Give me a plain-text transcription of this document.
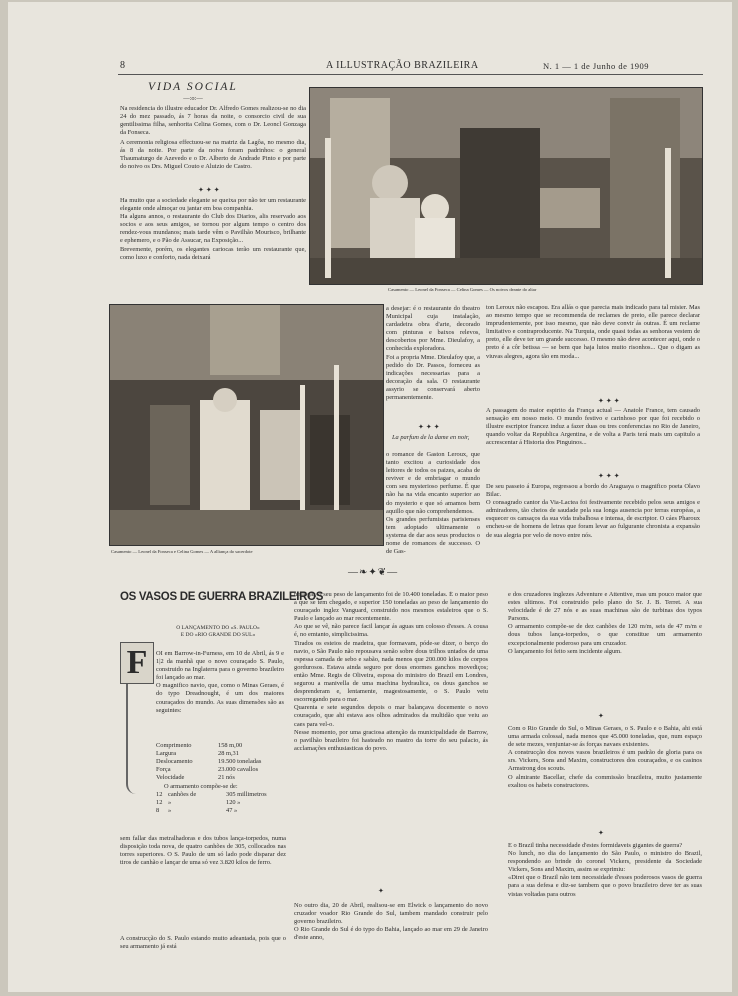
8	A ILLUSTRAÇÃO BRAZILEIRA	N. 1 — 1 de Junho de 1909
VIDA SOCIAL
—:o:—
Na residencia do illustre educador Dr. Alfredo Gomes realizou-se no dia 24 do mez passado, ás 7 horas da noite, o consorcio civil de sua gentilissima filha, senhorita Celina Gomes, com o Dr. Leoncl Gonzaga da Fonseca.
A ceremonia religiosa effectuou-se na matriz da Lagôa, no mesmo dia, ás 8 da noite. Por parte da noiva foram padrinhos: o general Thaumaturgo de Azevedo e o Dr. Alberto de Andrade Pinto e por parte do noivo os Drs. Miguel Couto e Aluizio de Castro.
✦✦✦
Ha muito que a sociedade elegante se queixa por não ter um restaurante elegante onde almoçar ou jantar em boa companhia.
Ha alguns annos, o restaurante do Club dos Diarios, alis reservado aos socios e aos seus amigos, se tornou por algum tempo o centro dos rendez-vous mundanos; mais tarde vêm o Pavilhão Mourisco, brilhante e ephemero, e o Pão de Assucar, na Exposição...
Brevemente, porém, os elegantes cariocas terão um restaurante que, como luxo e conforto, nada deixará
Casamento — Leonel da Fonseca — Celina Gomes — Os noivos deante do altar
Casamento — Leonel da Fonseca e Celina Gomes — A alliança do sacerdote
a desejar: é o restaurante do theatro Municipal cuja instalação, cardadeira obra d'arte, decorado com pinturas e baixos relevos, descobertos por Mme. Dieulafoy, a conhecida exploradora.
Foi a propria Mme. Dieulafoy que, a pedido do Dr. Passos, forneceu as indicações necessarias para a decoração da sala. O restaurante assyrio se conservará aberto permanentemente.
✦✦✦
La parfum de la dame en noir,
o romance de Gaston Leroux, que tanto excitou a curiosidade dos leitores de todos os paizes, acaba de reviver e de embriagar o mundo com seu mysterioso perfume. É que não ha na vida encanto superior ao do mysterio e que só amamos bem aquillo que não comprehendemos.
Os grandes perfumistas parisienses tem adoptado ultimamente o systema de dar aos seus productos o nome de romances de successo. O de Gas-
ton Leroux não escapou. Era allás o que parecia mais indicado para tal misier. Mas ao mesmo tempo que se recommenda de reclames de preto, elle parece declarar imprudentemente, por isso mesmo, que não deve convir ás outras. É um reclame limitativo e contraproducente. Na Turquia, onde quasi todas as senhoras vestem de preto, elle deve ter um grande successo. O mesmo não deve acontecer aqui, onde o preto é a côr betissa — se bem que haja lutos muito risonhos... Que o digam as viuvas alegres, agora tão em moda...
✦✦✦
A passagem do maior espirito da França actual — Anatole France, tem causado sensação em nosso meio. O mundo festivo e carinhoso por que foi recebido o illustre escriptor francez induz a fazer duas ou tres conferencias no Rio de Janeiro, quando voltar da Republica Argentina, e de volta a Paris terá mais um capitulo a accrescentar á Historia dos Pinguinos...
✦✦✦
De seu passeio á Europa, regressou a bordo do Araguaya o magnifico poeta Olavo Bilac.
O consagrado cantor da Via-Lactea foi festivamente recebido pelos seus amigos e admiradores, tão cheios de saudade pela sua longa ausencia por terras européas, a esquecer os cansaços da sua vida trabalhosa e intensa, de escriptor. O cáes Pharoux encheu-se de homens de letras que foram levar ao fulgurante chronista a expansão de sua alegria por velo de novo entre nós.
—❧✦❦—
OS VASOS DE GUERRA BRAZILEIROS
O LANÇAMENTO DO «S. PAULO»
E DO «RIO GRANDE DO SUL»
F	OI em Barrow-in-Furness, em 10 de Abril, ás 9 e 1|2 da manhã que o novo couraçado S. Paulo, construido na Inglaterra para o governo brazileiro foi lançado ao mar.
O magnifico navio, que, como o Minas Geraes, é do typo Dreadnought, é um dos maiores couraçados do mundo. As suas dimensões são as seguintes:
Comprimento	158 m,00
Largura	28 m,31
Deslocamento	19.500 toneladas
Força	23.000 cavallos
Velocidade	21 nós
O armamento compõe-se de:
12 canhões de	305 millimetros
12 »	120 »
8	»	47 »
sem fallar das metralhadoras e dos tubos lança-torpedos, numa disposição toda nova, de quatro canhões de 305, collocados nas torres superiores. O S. Paulo de um só lado pode disparar dez tiros de canhão e lançar de uma só vez 3.820 kilos de ferro.
A construcção do S. Paulo estando muito adeantada, pois que o seu armamento já está
no logar, o seu peso de lançamento foi de 10.400 toneladas. É o maior peso a que se tem chegado, e superior 150 toneladas ao peso de lançamento do couraçado inglez Vanguard, construido nos mesmos estaleiros que o S. Paulo e lançado ao mar recentemente.
Ao que se vê, não parece facil lançar ás aguas um colosso d'esses. A cousa é, no emtanto, simplicissima.
Tirados os esteios de madeira, que formavam, póde-se dizer, o berço do navio, o São Paulo não repousava senão sobre dous trilhos untados de uma espessa camada de sebo e sabão, nada menos que 200.000 kilos de corpos gordurosos. Estava ainda seguro por dous enormes ganchos movediços; então Mme. Regis de Oliveira, esposa do ministro do Brazil em Londres, segurou a manivella de uma machina hydraulica, os dous ganchos se desprenderam e, lentamente, magestosamente, o S. Paulo veiu escorregando para o mar.
Quarenta e sete segundos depois o mar balançava docemente o novo couraçado, que ahi estava aos olhos admirados da multidão que veiu ao caes para vel-o.
Nesse momento, por uma graciosa attenção da municipalidade de Barrow, o pavilhão brazileiro foi hasteado no mastro da torre do seu palacio, ás acclamações enthusiasticas do povo.
✦
No outro dia, 20 de Abril, realisou-se em Elwick o lançamento do novo cruzador voador Rio Grande do Sul, tambem mandado construir pelo governo brazileiro.
O Rio Grande do Sul é do typo do Bahia, lançado ao mar em 29 de Janeiro d'este anno,
e dos cruzadores inglezes Adventure e Attentive, mas um pouco maior que estes ultimos. Foi construido pelo plano do Sr. J. B. Terret. A sua velocidade é de 27 nós e as suas machinas são de turbinas dos typos Parsons.
O armamento compõe-se de dez canhões de 120 m/m, seis de 47 m/m e dous tubos lança-torpedos, o que constitue um armamento excepcionalmente poderoso para um cruzador.
O lançamento foi feito sem incidente algum.
✦
Com o Rio Grande do Sul, o Minas Geraes, o S. Paulo e o Bahia, ahi está uma armada colossal, nada menos que 45.000 toneladas, que, num espaço de sete mezes, venjuntar-se ás forças navaes existentes.
A construcção dos novos vasos brazileiros é um padrão de gloria para os srs. Vickers, Sons and Maxim, constructores dos couraçados, e os casinos Armstrong dos scouts.
O almirante Bacellar, chefe da commissão brazileira, muito justamente exaltou os habeis constructores.
✦
E o Brazil tinha necessidade d'estes formidaveis gigantes de guerra?
No lunch, no dia do lançamento do São Paulo, o ministro do Brazil, respondendo ao brinde do coronel Vickers, presidente da Sociedade Vickers, Sons and Maxim, assim se exprimiu:
«Direi que o Brazil não tem necessidade d'esses poderosos vasos de guerra para a sua defesa e diz-se tambem que o povo brazileiro deve ter as suas vistas voltadas para outros
